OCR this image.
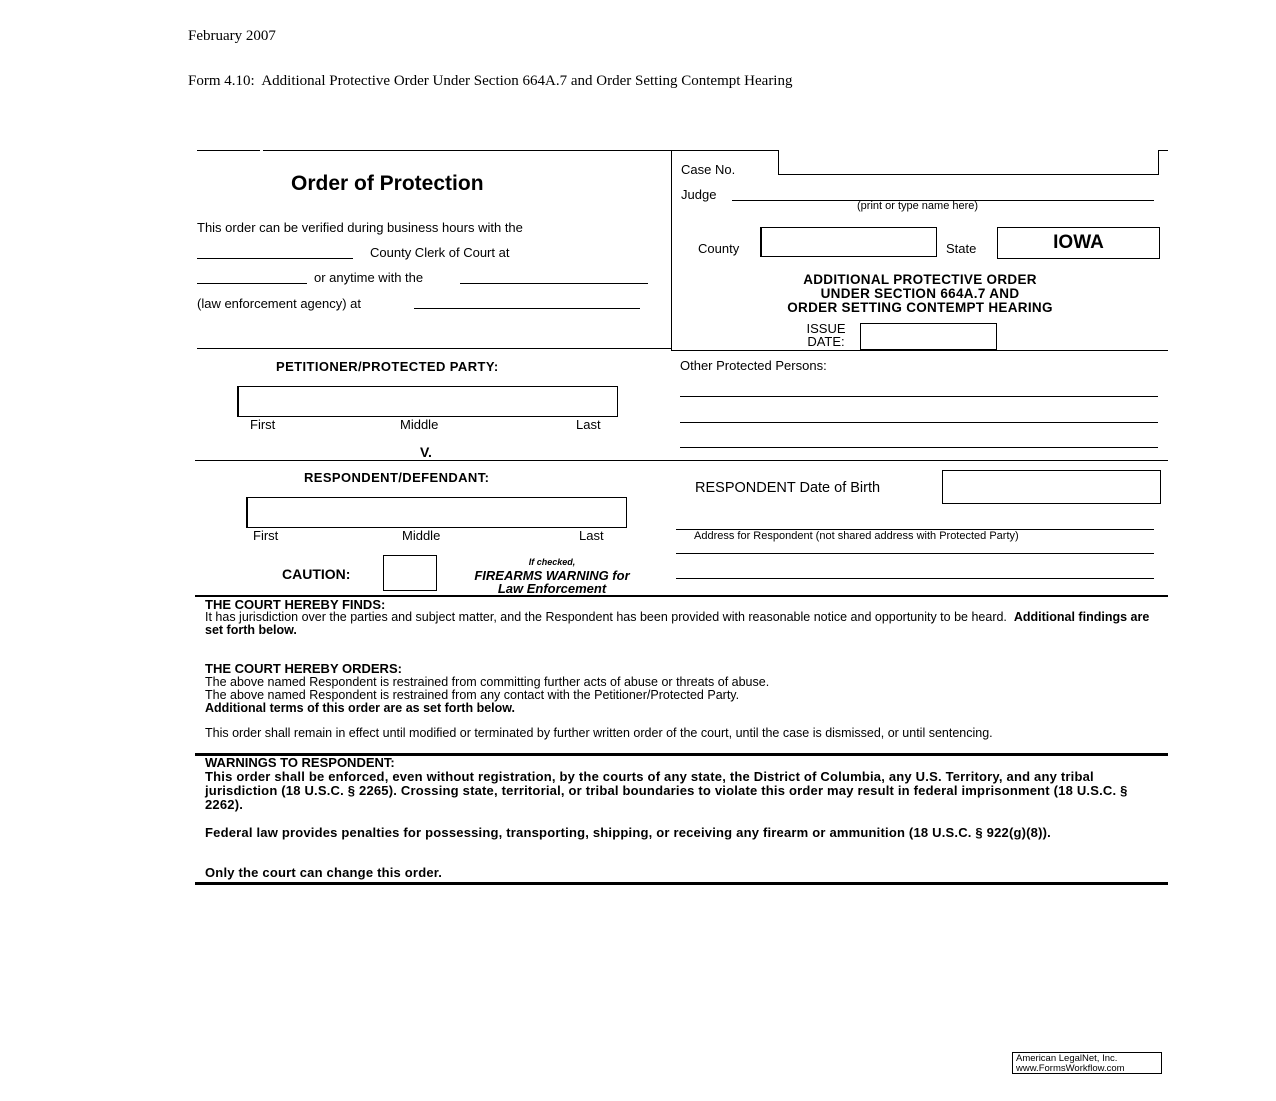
February 2007
Form 4.10:  Additional Protective Order Under Section 664A.7 and Order Setting Contempt Hearing
Order of Protection
This order can be verified during business hours with the
County Clerk of Court at
or anytime with the
(law enforcement agency) at
Case No.
Judge
(print or type name here)
County	State	IOWA
ADDITIONAL PROTECTIVE ORDER
UNDER SECTION 664A.7 AND
ORDER SETTING CONTEMPT HEARING
ISSUE
DATE:
PETITIONER/PROTECTED PARTY:
First	Middle	Last
V.
Other Protected Persons:
RESPONDENT/DEFENDANT:
First	Middle	Last
RESPONDENT Date of Birth
Address for Respondent (not shared address with Protected Party)
CAUTION:
If checked,
FIREARMS WARNING for
Law Enforcement
THE COURT HEREBY FINDS:
It has jurisdiction over the parties and subject matter, and the Respondent has been provided with reasonable notice and opportunity to be heard. Additional findings are set forth below.
THE COURT HEREBY ORDERS:
The above named Respondent is restrained from committing further acts of abuse or threats of abuse.
The above named Respondent is restrained from any contact with the Petitioner/Protected Party.
Additional terms of this order are as set forth below.
This order shall remain in effect until modified or terminated by further written order of the court, until the case is dismissed, or until sentencing.
WARNINGS TO RESPONDENT:
This order shall be enforced, even without registration, by the courts of any state, the District of Columbia, any U.S. Territory, and any tribal jurisdiction (18 U.S.C. § 2265). Crossing state, territorial, or tribal boundaries to violate this order may result in federal imprisonment (18 U.S.C. § 2262).
Federal law provides penalties for possessing, transporting, shipping, or receiving any firearm or ammunition (18 U.S.C. § 922(g)(8)).
Only the court can change this order.
American LegalNet, Inc.
www.FormsWorkflow.com
